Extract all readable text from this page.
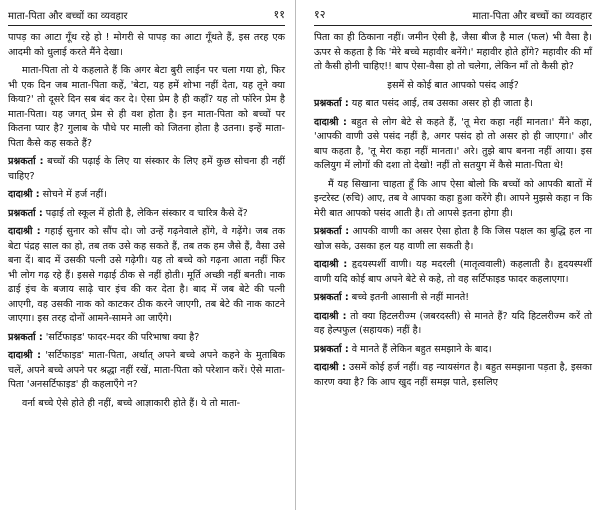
माता-पिता और बच्चों का व्यवहार	११

पापड़ का आटा गूँथ रहे हो ! मोगरी से पापड़ का आटा गूँथते हैं, इस तरह एक आदमी को धुलाई करते मैंने देखा।

माता-पिता तो ये कहलाते हैं कि अगर बेटा बुरी लाईन पर चला गया हो, फिर भी एक दिन जब माता-पिता कहें, 'बेटा, यह हमें शोभा नहीं देता, यह तूने क्या किया?' तो दूसरे दिन सब बंद कर दे। ऐसा प्रेम है ही कहाँ? यह तो फॉरेन प्रेम है माता-पिता। यह जगत् प्रेम से ही वश होता है। इन माता-पिता को बच्चों पर कितना प्यार है? गुलाब के पौधे पर माली को जितना होता है उतना। इन्हें माता-पिता कैसे कह सकते हैं?

प्रश्नकर्ता : बच्चों की पढ़ाई के लिए या संस्कार के लिए हमें कुछ सोचना ही नहीं चाहिए?

दादाश्री : सोचने में हर्ज नहीं।

प्रश्नकर्ता : पढ़ाई तो स्कूल में होती है, लेकिन संस्कार व चारित्र कैसे दें?

दादाश्री : गहाई सुनार को सौंप दो। जो उन्हें गढ़नेवाले होंगे, वे गढ़ेंगे। जब तक बेटा पंद्रह साल का हो, तब तक उसे कह सकते हैं, तब तक हम जैसे हैं, वैसा उसे बना दें। बाद में उसकी पत्नी उसे गढ़ेगी। यह तो बच्चे को गढ़ना आता नहीं फिर भी लोग गढ़ रहे हैं। इससे गढ़ाई ठीक से नहीं होती। मूर्ति अच्छी नहीं बनती। नाक ढाई इंच के बजाय साढ़े चार इंच की कर देता है। बाद में जब बेटे की पत्नी आएगी, वह उसकी नाक को काटकर ठीक करने जाएगी, तब बेटे की नाक काटने जाएगा। इस तरह दोनों आमने-सामने आ जाएँगे।

प्रश्नकर्ता : 'सर्टिफाइड' फादर-मदर की परिभाषा क्या है?

दादाश्री : 'सर्टिफाइड' माता-पिता, अर्थात् अपने बच्चे अपने कहने के मुताबिक चलें, अपने बच्चे अपने पर श्रद्धा नहीं रखें, माता-पिता को परेशान करें। ऐसे माता-पिता 'अनसर्टिफाइड' ही कहलाएँगे न?

वर्ना बच्चे ऐसे होते ही नहीं, बच्चे आज्ञाकारी होते हैं। ये तो माता-

१२	माता-पिता और बच्चों का व्यवहार

पिता का ही ठिकाना नहीं। जमीन ऐसी है, जैसा बीज है माल (फल) भी वैसा है। ऊपर से कहता है कि 'मेरे बच्चे महावीर बनेंगे।' महावीर होते होंगे? महावीर की माँ तो कैसी होनी चाहिए!! बाप ऐसा-वैसा हो तो चलेगा, लेकिन माँ तो कैसी हो?

इसमें से कोई बात आपको पसंद आई?

प्रश्नकर्ता : यह बात पसंद आई, तब उसका असर हो ही जाता है।

दादाश्री : बहुत से लोग बेटे से कहते हैं, 'तू मेरा कहा नहीं मानता।' मैंने कहा, 'आपकी वाणी उसे पसंद नहीं है, अगर पसंद हो तो असर हो ही जाएगा।' और बाप कहता है, 'तू मेरा कहा नहीं मानता।' अरे। तुझे बाप बनना नहीं आया। इस कलियुग में लोगों की दशा तो देखो! नहीं तो सतयुग में कैसे माता-पिता थे!

मैं यह सिखाना चाहता हूँ कि आप ऐसा बोलो कि बच्चों को आपकी बातों में इन्टरेस्ट (रुचि) आए, तब वे आपका कहा हुआ करेंगे ही। आपने मुझसे कहा न कि मेरी बात आपको पसंद आती है। तो आपसे इतना होगा ही।

प्रश्नकर्ता : आपकी वाणी का असर ऐसा होता है कि जिस पक्षल का बुद्धि हल ना खोज सके, उसका हल यह वाणी ला सकती है।

दादाश्री : हृदयस्पर्शी वाणी। यह मदरली (मातृत्ववाली) कहलाती है। हृदयस्पर्शी वाणी यदि कोई बाप अपने बेटे से कहे, तो वह सर्टिफाइड फादर कहलाएगा।

प्रश्नकर्ता : बच्चे इतनी आसानी से नहीं मानते!

दादाश्री : तो क्या हिटलरीज्म (जबरदस्ती) से मानते हैं? यदि हिटलरीज्म करें तो वह हेल्पफुल (सहायक) नहीं है।

प्रश्नकर्ता : वे मानते हैं लेकिन बहुत समझाने के बाद।

दादाश्री : उसमें कोई हर्ज नहीं। वह न्यायसंगत है। बहुत समझाना पड़ता है, इसका कारण क्या है? कि आप खुद नहीं समझ पाते, इसलिए
